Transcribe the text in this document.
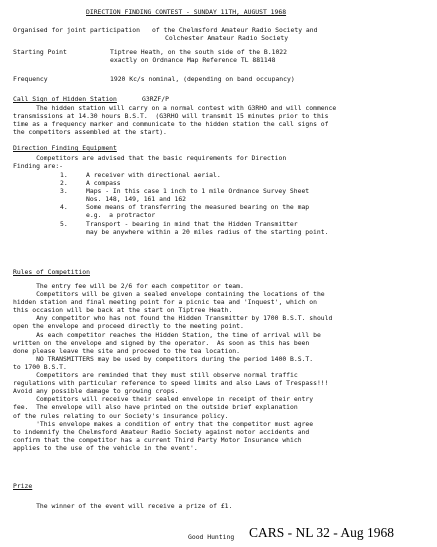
DIRECTION FINDING CONTEST - SUNDAY 11TH, AUGUST 1968
Organised for joint participation of the Chelmsford Amateur Radio Society and
Colchester Amateur Radio Society
Starting Point	Tiptree Heath, on the south side of the B.1022
exactly on Ordnance Map Reference TL 881148
Frequency	1920 Kc/s nominal, (depending on band occupancy)
Call Sign of Hidden Station	G3RZF/P
The hidden station will carry on a normal contest with G3RHO and will commence
transmissions at 14.30 hours B.S.T.  (G3RHO will transmit 15 minutes prior to this
time as a frequency marker and communicate to the hidden station the call signs of
the competitors assembled at the start).
Direction Finding Equipment
Competitors are advised that the basic requirements for Direction
Finding are:-
1.	A receiver with directional aerial.
2.	A compass
3.	Maps - In this case 1 inch to 1 mile Ordnance Survey Sheet
Nos. 148, 149, 161 and 162
4.	Some means of transferring the measured bearing on the map
e.g.  a protractor
5.	Transport - bearing in mind that the Hidden Transmitter
may be anywhere within a 20 miles radius of the starting point.
Rules of Competition
The entry fee will be 2/6 for each competitor or team.
Competitors will be given a sealed envelope containing the locations of the
hidden station and final meeting point for a picnic tea and 'Inquest', which on
this occasion will be back at the start on Tiptree Heath.
Any competitor who has not found the Hidden Transmitter by 1700 B.S.T. should
open the envelope and proceed directly to the meeting point.
As each competitor reaches the Hidden Station, the time of arrival will be
written on the envelope and signed by the operator.  As soon as this has been
done please leave the site and proceed to the tea location.
NO TRANSMITTERS may be used by competitors during the period 1400 B.S.T.
to 1700 B.S.T.
Competitors are reminded that they must still observe normal traffic
regulations with particular reference to speed limits and also Laws of Trespass!!!
Avoid any possible damage to growing crops.
Competitors will receive their sealed envelope in receipt of their entry
fee.  The envelope will also have printed on the outside brief explanation
of the rules relating to our Society's insurance policy.
'This envelope makes a condition of entry that the competitor must agree
to indemnify the Chelmsford Amateur Radio Society against motor accidents and
confirm that the competitor has a current Third Party Motor Insurance which
applies to the use of the vehicle in the event'.
Prize
The winner of the event will receive a prize of £1.
Good Hunting CARS - NL 32 - Aug 1968
